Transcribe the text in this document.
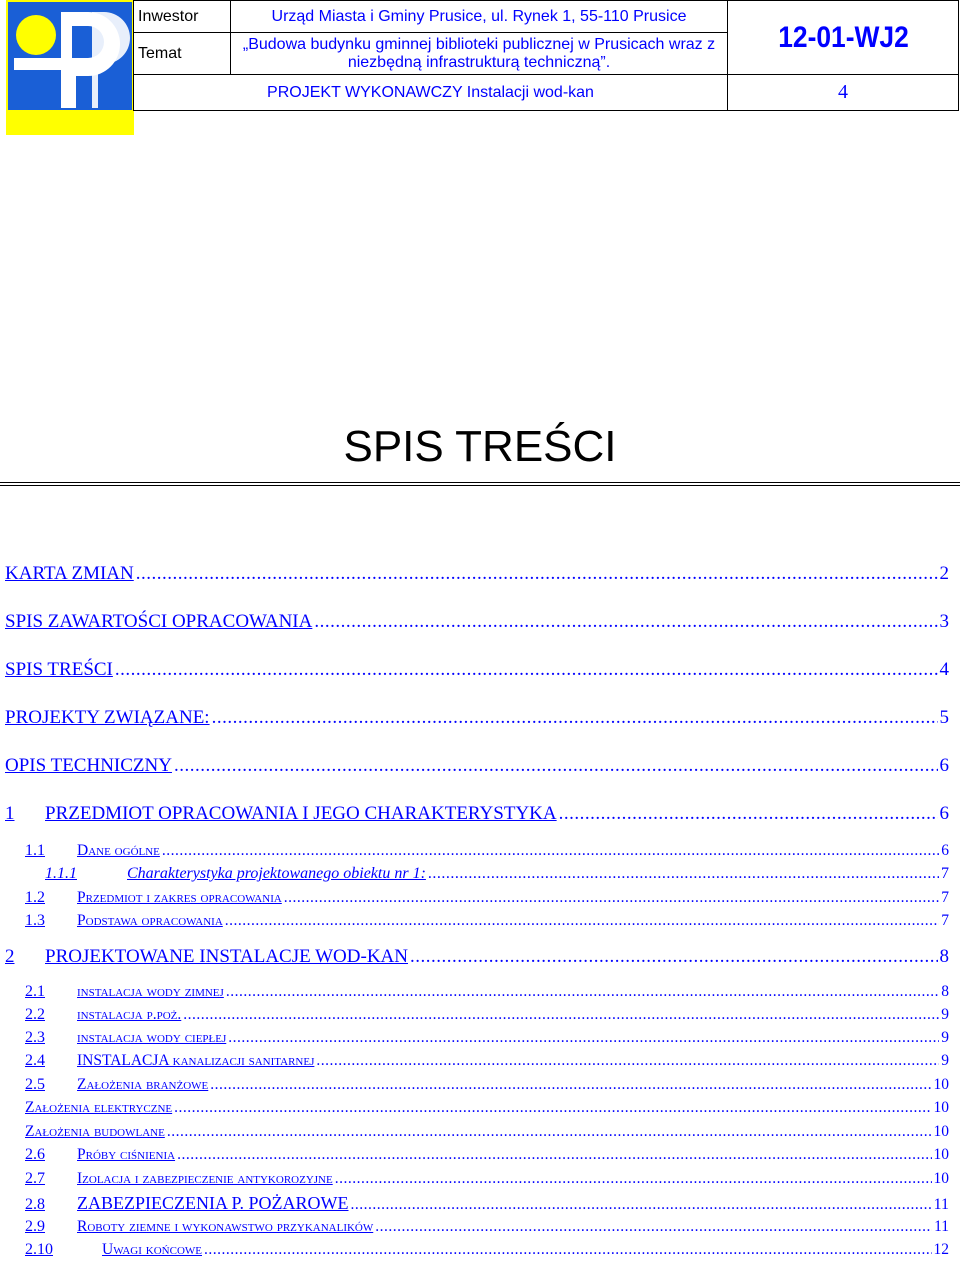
Inwestor	Urząd Miasta i Gminy Prusice, ul. Rynek 1, 55-110 Prusice	12-01-WJ2
Temat	„Budowa budynku gminnej biblioteki publicznej w Prusicach wraz z niezbędną infrastrukturą techniczną”.	
PROJEKT WYKONAWCZY Instalacji wod-kan		4
SPIS TREŚCI
KARTA ZMIAN .....	2
SPIS ZAWARTOŚCI OPRACOWANIA .....	3
SPIS TREŚCI .....	4
PROJEKTY ZWIĄZANE: .....	5
OPIS TECHNICZNY .....	6
1	PRZEDMIOT OPRACOWANIA I JEGO CHARAKTERYSTYKA .....	6
1.1	Dane ogólne .....	6
1.1.1	Charakterystyka projektowanego obiektu nr 1: .....	7
1.2	Przedmiot i zakres opracowania .....	7
1.3	Podstawa opracowania .....	7
2	PROJEKTOWANE INSTALACJE WOD-KAN .....	8
2.1	instalacja wody zimnej .....	8
2.2	instalacja p.poż. .....	9
2.3	instalacja wody ciepłej .....	9
2.4	INSTALACJA kanalizacji sanitarnej .....	9
2.5	Założenia branżowe .....	10
Założenia elektryczne .....	10
Założenia budowlane .....	10
2.6	Próby ciśnienia .....	10
2.7	Izolacja i zabezpieczenie antykorozyjne .....	10
2.8	ZABEZPIECZENIA P. POŻAROWE .....	11
2.9	Roboty ziemne i wykonawstwo przykanalików .....	11
2.10	Uwagi końcowe .....	12
